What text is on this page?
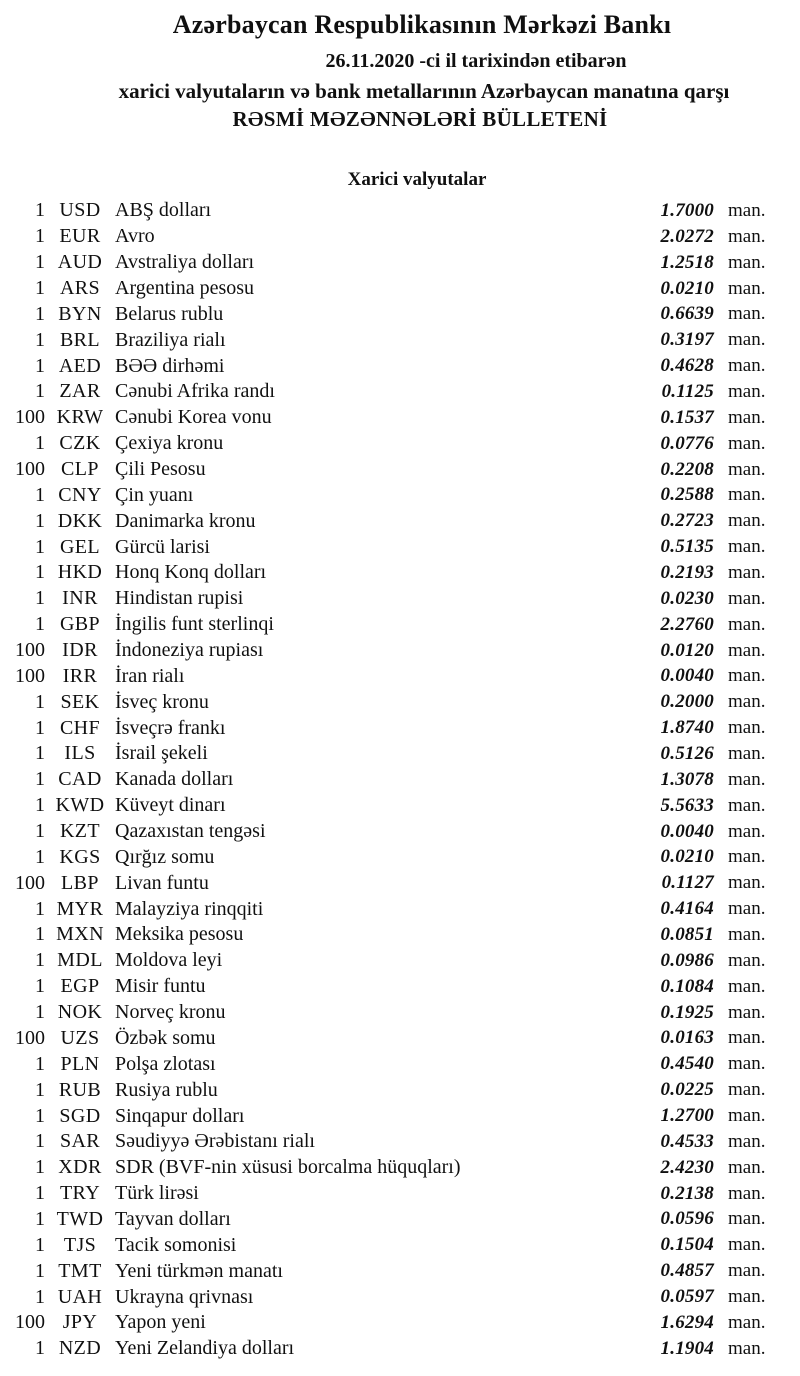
Azərbaycan Respublikasının Mərkəzi Bankı
26.11.2020 -ci il tarixindən etibarən
xarici valyutaların və bank metallarının Azərbaycan manatına qarşı
RƏSMİ MƏZƏNNƏLƏRİ BÜLLETENİ
Xarici valyutalar
1 USD ABŞ dolları	1.7000 man.
1 EUR Avro	2.0272 man.
1 AUD Avstraliya dolları	1.2518 man.
1 ARS Argentina pesosu	0.0210 man.
1 BYN Belarus rublu	0.6639 man.
1 BRL Braziliya rialı	0.3197 man.
1 AED BƏƏ dirhəmi	0.4628 man.
1 ZAR Cənubi Afrika randı	0.1125 man.
100 KRW Cənubi Korea vonu	0.1537 man.
1 CZK Çexiya kronu	0.0776 man.
100 CLP Çili Pesosu	0.2208 man.
1 CNY Çin yuanı	0.2588 man.
1 DKK Danimarka kronu	0.2723 man.
1 GEL Gürcü larisi	0.5135 man.
1 HKD Honq Konq dolları	0.2193 man.
1 INR Hindistan rupisi	0.0230 man.
1 GBP İngilis funt sterlinqi	2.2760 man.
100 IDR İndoneziya rupiası	0.0120 man.
100 IRR İran rialı	0.0040 man.
1 SEK İsveç kronu	0.2000 man.
1 CHF İsveçrə frankı	1.8740 man.
1 ILS İsrail şekeli	0.5126 man.
1 CAD Kanada dolları	1.3078 man.
1 KWD Küveyt dinarı	5.5633 man.
1 KZT Qazaxıstan tengəsi	0.0040 man.
1 KGS Qırğız somu	0.0210 man.
100 LBP Livan funtu	0.1127 man.
1 MYR Malayziya rinqqiti	0.4164 man.
1 MXN Meksika pesosu	0.0851 man.
1 MDL Moldova leyi	0.0986 man.
1 EGP Misir funtu	0.1084 man.
1 NOK Norveç kronu	0.1925 man.
100 UZS Özbək somu	0.0163 man.
1 PLN Polşa zlotası	0.4540 man.
1 RUB Rusiya rublu	0.0225 man.
1 SGD Sinqapur dolları	1.2700 man.
1 SAR Səudiyyə Ərəbistanı rialı	0.4533 man.
1 XDR SDR (BVF-nin xüsusi borcalma hüquqları)	2.4230 man.
1 TRY Türk lirəsi	0.2138 man.
1 TWD Tayvan dolları	0.0596 man.
1 TJS Tacik somonisi	0.1504 man.
1 TMT Yeni türkmən manatı	0.4857 man.
1 UAH Ukrayna qrivnası	0.0597 man.
100 JPY Yapon yeni	1.6294 man.
1 NZD Yeni Zelandiya dolları	1.1904 man.
